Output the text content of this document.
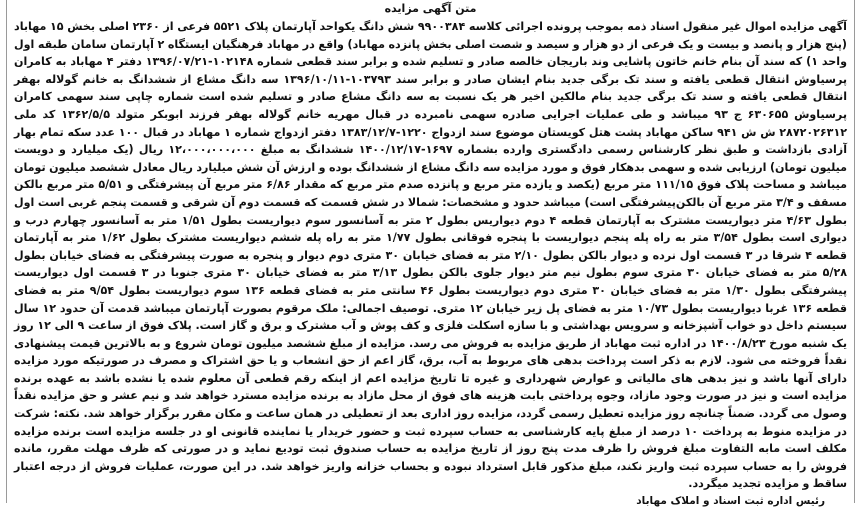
متن آگهی مزایده

آگهی مزایده اموال غیر منقول اسناد ذمه بموجب پرونده اجرائی کلاسه ۹۹۰۰۳۸۴ شش دانگ یکواحد آپارتمان پلاک ۵۵۲۱ فرعی از ۲۳۶۰ اصلی بخش ۱۵ مهاباد (پنج هزار و پانصد و بیست و یک فرعی از دو هزار و سیصد و شصت اصلی بخش پانزده مهاباد) واقع در مهاباد فرهنگیان ایستگاه ۲ آپارتمان سامان طبقه اول واحد ۱) که سند آن بنام خانم خاتون پاشایی وند باریجان خالصه صادر و تسلیم شده و برابر سند قطعی شماره ۱۰۲۱۴۸-۱۳۹۶/۰۷/۲۱ دفتر ۴ مهاباد به کامران پرسیاوش انتقال قطعی یافته و سند تک برگی جدید بنام ایشان صادر و برابر سند ۱۰۳۷۹۳-۱۳۹۶/۱۰/۱۱ سه دانگ مشاع از ششدانگ به خانم گولاله بهفر انتقال قطعی یافته و سند تک برگی جدید بنام مالکین اخیر هر یک نسبت به سه دانگ مشاع صادر و تسلیم شده است شماره چاپی سند سهمی کامران پرسیاوش ۶۳۰۶۵۵ ج ۹۳ میباشد و طی عملیات اجرایی صادره سهمی نامبرده در قبال مهریه خانم گولاله بهفر فرزند ابوبکر متولد ۱۳۶۲/۵/۵ کد ملی ۲۸۷۲۰۲۶۳۱۲ ش ش ۹۴۱ ساکن مهاباد پشت هتل کویستان موضوع سند ازدواج ۱۲۲۰-۱۳۸۳/۱۲/۷ دفتر ازدواج شماره ۱ مهاباد در قبال ۱۰۰ عدد سکه تمام بهار آزادی بازداشت و طبق نظر کارشناس رسمی دادگستری وارده بشماره ۱۶۹۷-۱۴۰۰/۱۲/۱۷ ششدانگ به مبلغ ۱۲،۰۰۰،۰۰۰،۰۰۰ ریال (یک میلیارد و دویست میلیون تومان) ارزیابی شده و سهمی بدهکار فوق و مورد مزایده سه دانگ مشاع از ششدانگ بوده و ارزش آن شش میلیارد ریال معادل ششصد میلیون تومان میباشد و مساحت پلاک فوق ۱۱۱/۱۵ متر مربع (یکصد و یازده متر مربع و پانزده صدم متر مربع که مقدار ۶/۸۶ متر مربع آن پیشرفتگی و ۵/۵۱ متر مربع بالکن مسقف و ۳/۴ متر مربع آن بالکن‌پیشرفتگی است) میباشد حدود و مشخصات: شمالا در شش قسمت که قسمت دوم آن شرقی و قسمت پنجم غربی است اول بطول ۴/۶۳ متر دیواریست مشترک به آپارتمان قطعه ۴ دوم دیواریس بطول ۲ متر به آسانسور سوم دیواریست بطول ۱/۵۱ متر به آسانسور چهارم درب و دیواری است بطول ۳/۵۴ متر به راه پله پنجم دیواریست با پنجره فوقانی بطول ۱/۷۷ متر به راه پله ششم دیواریست مشترک بطول ۱/۶۲ متر به آپارتمان قطعه ۴ شرقا در ۳ قسمت اول نرده و دیوار بالکن بطول ۲/۱۰ متر به فضای خیابان ۳۰ متری دوم دیوار و پنجره به صورت پیشرفتگی به فضای خیابان بطول ۵/۲۸ متر به فضای خیابان ۳۰ متری سوم بطول نیم متر دیوار جلوی بالکن بطول ۳/۱۳ متر به فضای خیابان ۳۰ متری جنوبا در ۳ قسمت اول دیواریست پیشرفتگی بطول ۱/۳۰ متر به فضای خیابان ۳۰ متری دوم دیواریست بطول ۴۶ سانتی متر به فضای قطعه ۱۳۶ سوم دیواریست بطول ۹/۵۴ متر به فضای قطعه ۱۳۶ غربا دیواریست بطول ۱۰/۷۳ متر به فضای پل زیر خیابان ۱۲ متری. توصیف اجمالی: ملک مرقوم بصورت آپارتمان میباشد قدمت آن حدود ۱۲ سال سیستم داخل دو خواب آشپزخانه و سرویس بهداشتی و با سازه اسکلت فلزی و کف پوش و آب مشترک و برق و گاز است. پلاک فوق از ساعت ۹ الی ۱۲ روز یک شنبه مورخ ۱۴۰۰/۸/۲۳ در اداره ثبت مهاباد از طریق مزایده به فروش می رسد. مزایده از مبلغ ششصد میلیون تومان شروع و به بالاترین قیمت پیشنهادی نقداً فروخته می شود. لازم به ذکر است پرداخت بدهی های مربوط به آب، برق، گاز اعم از حق انشعاب و یا حق اشتراک و مصرف در صورتیکه مورد مزایده دارای آنها باشد و نیز بدهی های مالیاتی و عوارض شهرداری و غیره تا تاریخ مزایده اعم از اینکه رقم قطعی آن معلوم شده یا نشده باشد به عهده برنده مزایده است و نیز در صورت وجود مازاد، وجوه پرداختی بابت هزینه های فوق از محل مازاد به برنده مزایده مسترد خواهد شد و نیم عشر و حق مزایده نقداً وصول می گردد. ضمناً چنانچه روز مزایده تعطیل رسمی گردد، مزایده روز اداری بعد از تعطیلی در همان ساعت و مکان مقرر برگزار خواهد شد. نکته: شرکت در مزایده منوط به پرداخت ۱۰ درصد از مبلغ پایه کارشناسی به حساب سپرده ثبت و حضور خریدار یا نماینده قانونی او در جلسه مزایده است برنده مزایده مکلف است مابه التفاوت مبلغ فروش را ظرف مدت پنج روز از تاریخ مزایده به حساب صندوق ثبت تودیع نماید و در صورتی که ظرف مهلت مقرر، مانده فروش را به حساب سپرده ثبت واریز نکند، مبلغ مذکور قابل استرداد نبوده و بحساب خزانه واریز خواهد شد. در این صورت، عملیات فروش از درجه اعتبار ساقط و مزایده تجدید میگردد.

رئیس اداره ثبت اسناد و املاک مهاباد
